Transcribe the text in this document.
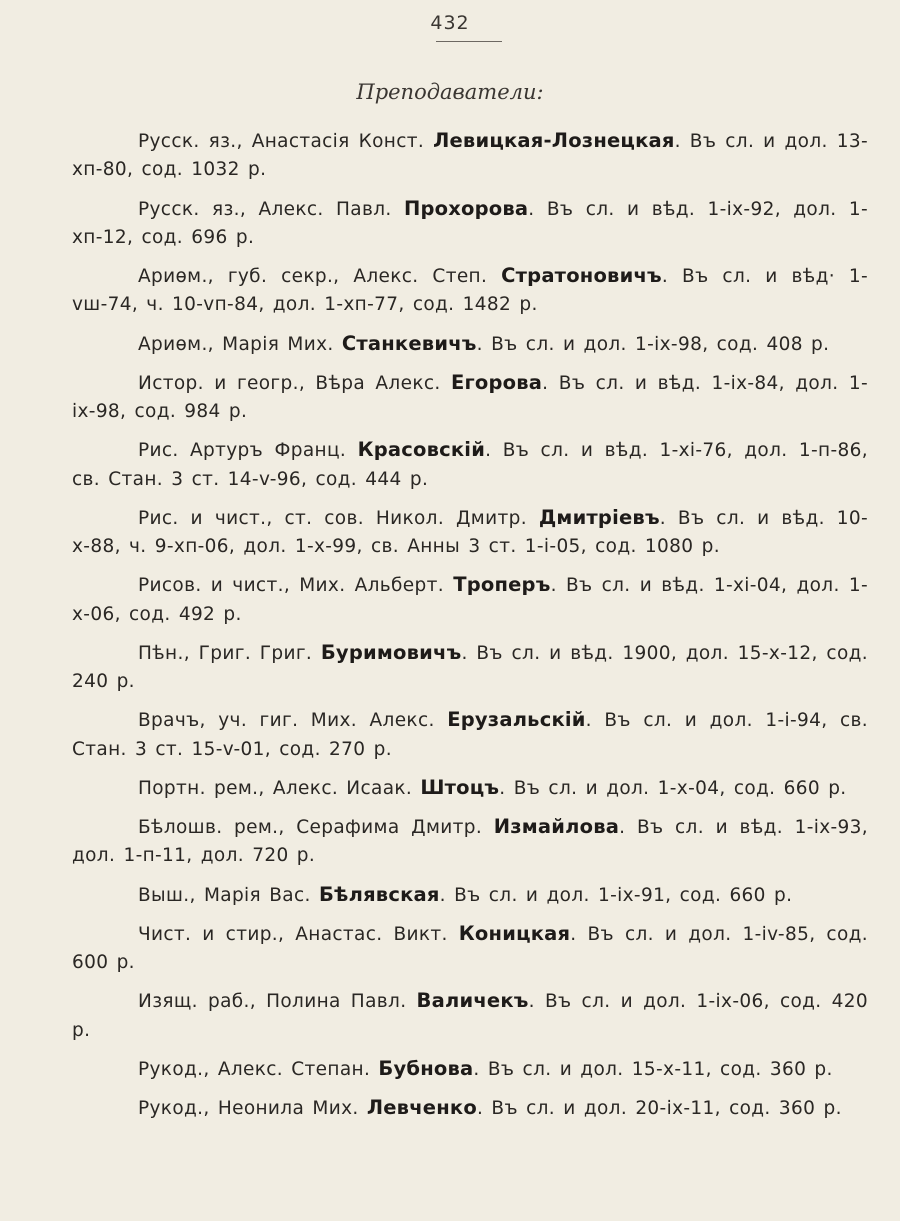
432
Преподаватели:

Русск. яз., Анастасія Конст. Левицкая-Лознецкая. Въ сл. и дол. 13-хп-80, сод. 1032 р.

Русск. яз., Алекс. Павл. Прохорова. Въ сл. и вѣд. 1-іх-92, дол. 1-хп-12, сод. 696 р.

Ариѳм., губ. секр., Алекс. Степ. Стратоновичъ. Въ сл. и вѣд· 1-vш-74, ч. 10-vп-84, дол. 1-хп-77, сод. 1482 р.

Ариѳм., Марія Мих. Станкевичъ. Въ сл. и дол. 1-іх-98, сод. 408 р.

Истор. и геогр., Вѣра Алекс. Егорова. Въ сл. и вѣд. 1-іх-84, дол. 1-іх-98, сод. 984 р.

Рис. Артуръ Франц. Красовскій. Въ сл. и вѣд. 1-хі-76, дол. 1-п-86, св. Стан. 3 ст. 14-v-96, сод. 444 р.

Рис. и чист., ст. сов. Никол. Дмитр. Дмитріевъ. Въ сл. и вѣд. 10-х-88, ч. 9-хп-06, дол. 1-х-99, св. Анны 3 ст. 1-і-05, сод. 1080 р.

Рисов. и чист., Мих. Альберт. Троперъ. Въ сл. и вѣд. 1-хі-04, дол. 1-х-06, сод. 492 р.

Пѣн., Григ. Григ. Буримовичъ. Въ сл. и вѣд. 1900, дол. 15-х-12, сод. 240 р.

Врачъ, уч. гиг. Мих. Алекс. Ерузальскій. Въ сл. и дол. 1-і-94, св. Стан. 3 ст. 15-v-01, сод. 270 р.

Портн. рем., Алекс. Исаак. Штоцъ. Въ сл. и дол. 1-х-04, сод. 660 р.

Бѣлошв. рем., Серафима Дмитр. Измайлова. Въ сл. и вѣд. 1-іх-93, дол. 1-п-11, дол. 720 р.

Выш., Марія Вас. Бѣлявская. Въ сл. и дол. 1-іх-91, сод. 660 р.

Чист. и стир., Анастас. Викт. Коницкая. Въ сл. и дол. 1-іv-85, сод. 600 р.

Изящ. раб., Полина Павл. Валичекъ. Въ сл. и дол. 1-іх-06, сод. 420 р.

Рукод., Алекс. Степан. Бубнова. Въ сл. и дол. 15-х-11, сод. 360 р.

Рукод., Неонила Мих. Левченко. Въ сл. и дол. 20-іх-11, сод. 360 р.
